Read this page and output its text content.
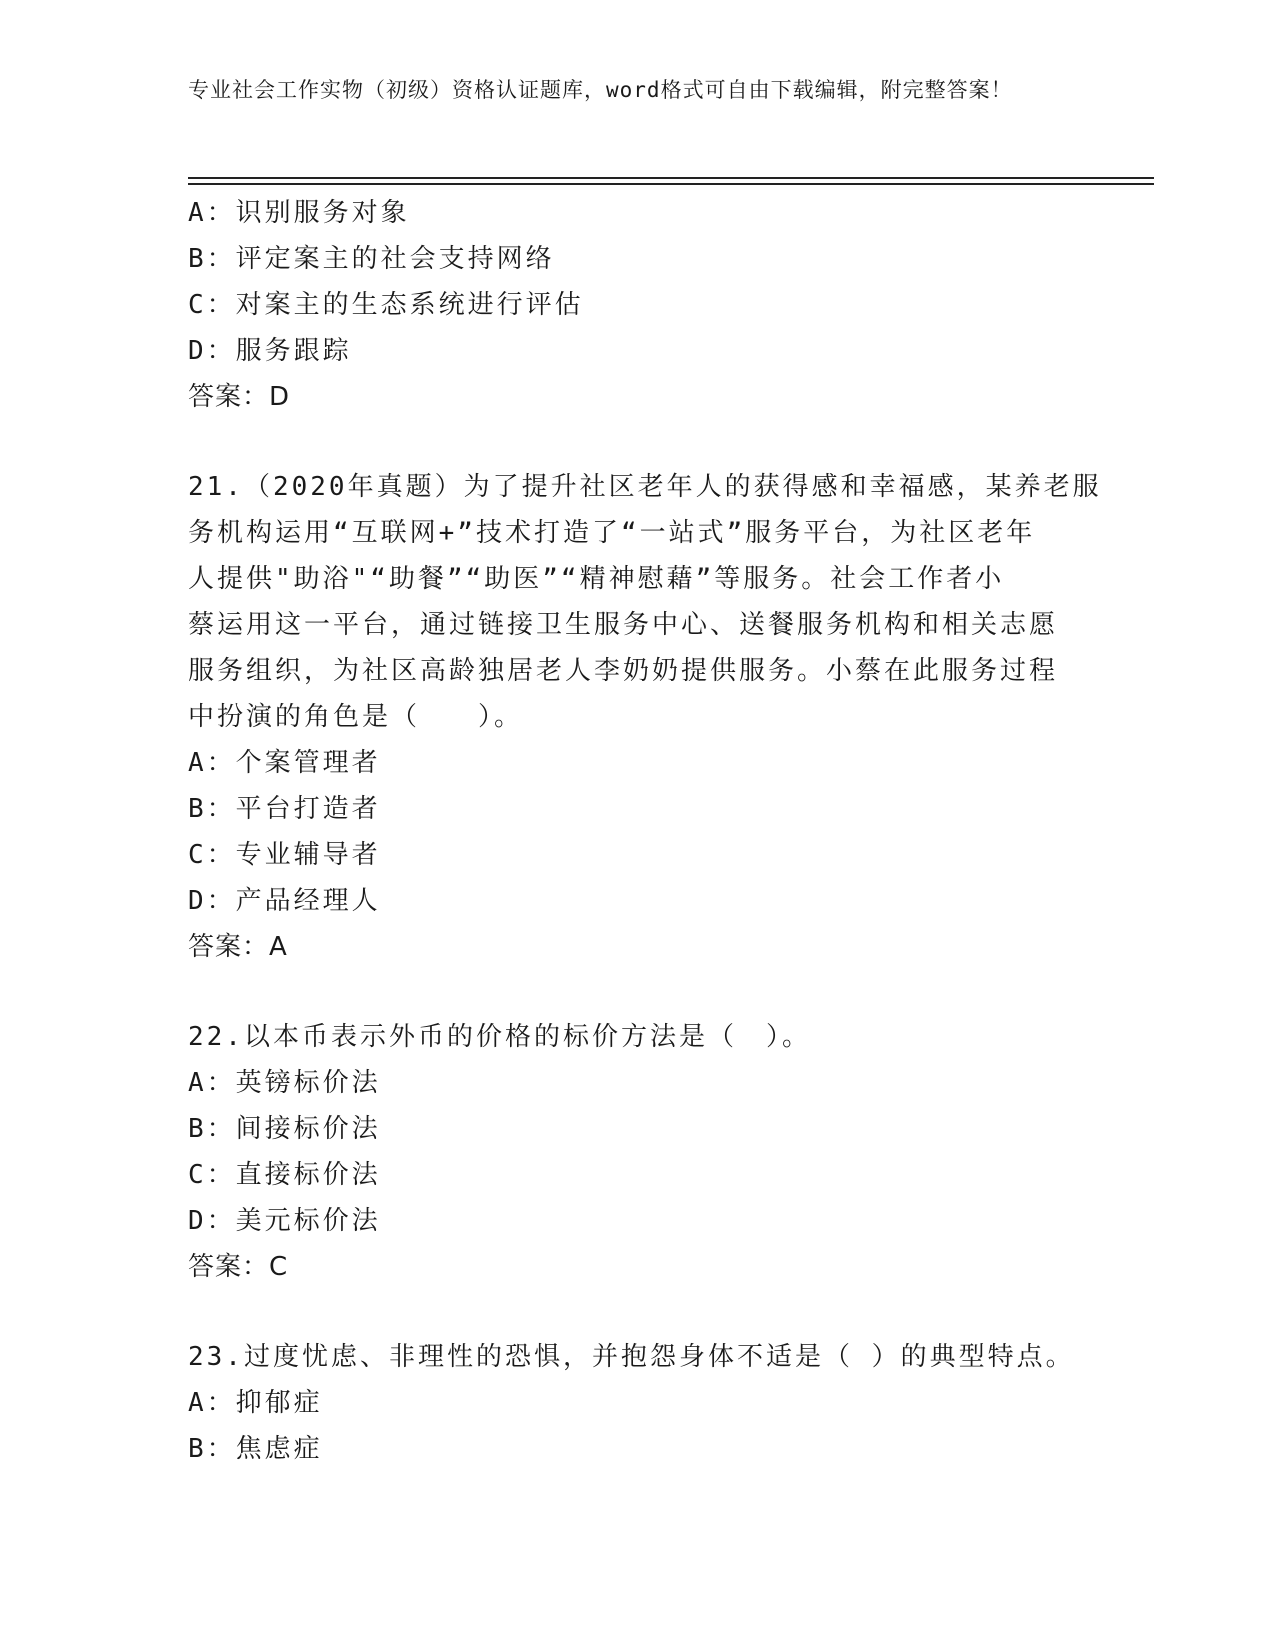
专业社会工作实物（初级）资格认证题库，word格式可自由下载编辑，附完整答案！
A：识别服务对象
B：评定案主的社会支持网络
C：对案主的生态系统进行评估
D：服务跟踪
答案：D
21.（2020年真题）为了提升社区老年人的获得感和幸福感，某养老服
务机构运用“互联网+”技术打造了“一站式”服务平台，为社区老年
人提供"助浴"“助餐”“助医”“精神慰藉”等服务。社会工作者小
蔡运用这一平台，通过链接卫生服务中心、送餐服务机构和相关志愿
服务组织，为社区高龄独居老人李奶奶提供服务。小蔡在此服务过程
中扮演的角色是（　　）。
A：个案管理者
B：平台打造者
C：专业辅导者
D：产品经理人
答案：A
22.以本币表示外币的价格的标价方法是（　）。
A：英镑标价法
B：间接标价法
C：直接标价法
D：美元标价法
答案：C
23.过度忧虑、非理性的恐惧，并抱怨身体不适是（ ）的典型特点。
A：抑郁症
B：焦虑症
